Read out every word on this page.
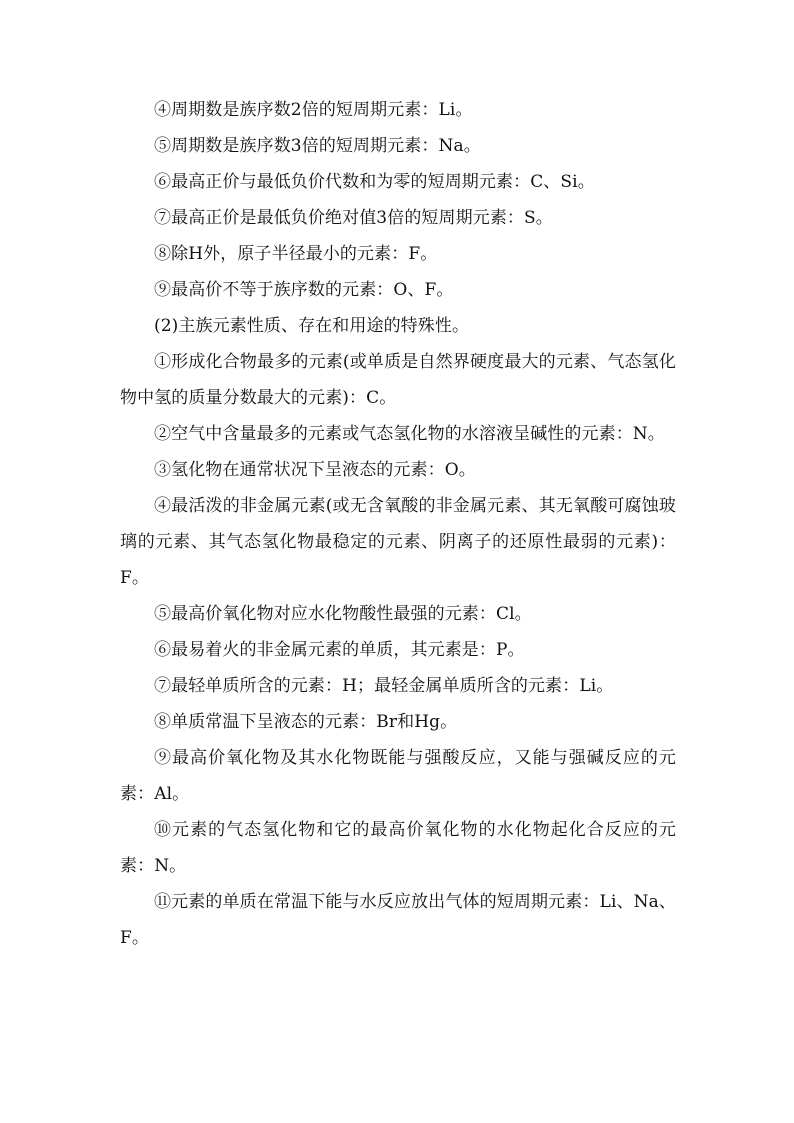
④周期数是族序数2倍的短周期元素：Li。

⑤周期数是族序数3倍的短周期元素：Na。

⑥最高正价与最低负价代数和为零的短周期元素：C、Si。

⑦最高正价是最低负价绝对值3倍的短周期元素：S。

⑧除H外，原子半径最小的元素：F。

⑨最高价不等于族序数的元素：O、F。

(2)主族元素性质、存在和用途的特殊性。

①形成化合物最多的元素(或单质是自然界硬度最大的元素、气态氢化物中氢的质量分数最大的元素)：C。

②空气中含量最多的元素或气态氢化物的水溶液呈碱性的元素：N。

③氢化物在通常状况下呈液态的元素：O。

④最活泼的非金属元素(或无含氧酸的非金属元素、其无氧酸可腐蚀玻璃的元素、其气态氢化物最稳定的元素、阴离子的还原性最弱的元素)：F。

⑤最高价氧化物对应水化物酸性最强的元素：Cl。

⑥最易着火的非金属元素的单质，其元素是：P。

⑦最轻单质所含的元素：H；最轻金属单质所含的元素：Li。

⑧单质常温下呈液态的元素：Br和Hg。

⑨最高价氧化物及其水化物既能与强酸反应，又能与强碱反应的元素：Al。

⑩元素的气态氢化物和它的最高价氧化物的水化物起化合反应的元素：N。

⑪元素的单质在常温下能与水反应放出气体的短周期元素：Li、Na、F。
